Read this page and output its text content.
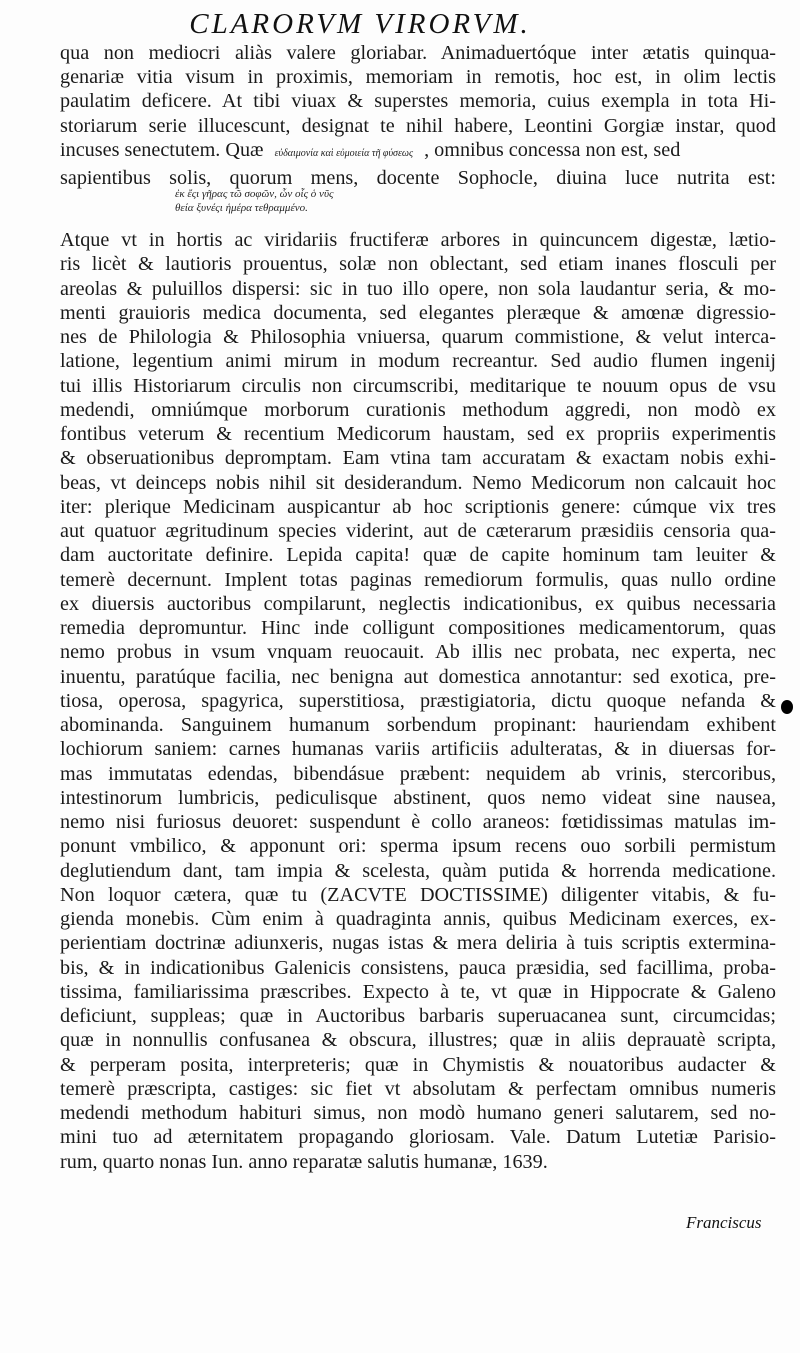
CLARORVM VIRORVM.
qua non mediocri aliàs valere gloriabar. Animaduertóque inter ætatis quinqua-
genariæ vitia visum in proximis, memoriam in remotis, hoc est, in olim lectis
paulatim deficere. At tibi viuax & superstes memoria, cuius exempla in tota Hi-
storiarum serie illucescunt, designat te nihil habere, Leontini Gorgiæ instar, quod
incuses senectutem. Quæ εὐδαιμονία καὶ εὐμοιεία τῆ φύσεως , omnibus concessa non est, sed
sapientibus solis, quorum mens, docente Sophocle, diuina luce nutrita est:
ἐκ ἔςι γῆρας τῶ σοφῶν, ὧν οἷς ὁ νῦς
θεία ξυνέςι ἡμέρα τεθραμμένο.
Atque vt in hortis ac viridariis fructiferæ arbores in quincuncem digestæ, lætio-
ris licèt & lautioris prouentus, solæ non oblectant, sed etiam inanes flosculi per
areolas & puluillos dispersi: sic in tuo illo opere, non sola laudantur seria, & mo-
menti grauioris medica documenta, sed elegantes pleræque & amœnæ digressio-
nes de Philologia & Philosophia vniuersa, quarum commistione, & velut interca-
latione, legentium animi mirum in modum recreantur. Sed audio flumen ingenij
tui illis Historiarum circulis non circumscribi, meditarique te nouum opus de vsu
medendi, omniúmque morborum curationis methodum aggredi, non modò ex
fontibus veterum & recentium Medicorum haustam, sed ex propriis experimentis
& obseruationibus depromptam. Eam vtina tam accuratam & exactam nobis exhi-
beas, vt deinceps nobis nihil sit desiderandum. Nemo Medicorum non calcauit hoc
iter: plerique Medicinam auspicantur ab hoc scriptionis genere: cúmque vix tres
aut quatuor ægritudinum species viderint, aut de cæterarum præsidiis censoria qua-
dam auctoritate definire. Lepida capita! quæ de capite hominum tam leuiter &
temerè decernunt. Implent totas paginas remediorum formulis, quas nullo ordine
ex diuersis auctoribus compilarunt, neglectis indicationibus, ex quibus necessaria
remedia depromuntur. Hinc inde colligunt compositiones medicamentorum, quas
nemo probus in vsum vnquam reuocauit. Ab illis nec probata, nec experta, nec
inuentu, paratúque facilia, nec benigna aut domestica annotantur: sed exotica, pre-
tiosa, operosa, spagyrica, superstitiosa, præstigiatoria, dictu quoque nefanda &
abominanda. Sanguinem humanum sorbendum propinant: hauriendam exhibent
lochiorum saniem: carnes humanas variis artificiis adulteratas, & in diuersas for-
mas immutatas edendas, bibendásue præbent: nequidem ab vrinis, stercoribus,
intestinorum lumbricis, pediculisque abstinent, quos nemo videat sine nausea,
nemo nisi furiosus deuoret: suspendunt è collo araneos: fœtidissimas matulas im-
ponunt vmbilico, & apponunt ori: sperma ipsum recens ouo sorbili permistum
deglutiendum dant, tam impia & scelesta, quàm putida & horrenda medicatione.
Non loquor cætera, quæ tu (ZACVTE DOCTISSIME) diligenter vitabis, & fu-
gienda monebis. Cùm enim à quadraginta annis, quibus Medicinam exerces, ex-
perientiam doctrinæ adiunxeris, nugas istas & mera deliria à tuis scriptis extermina-
bis, & in indicationibus Galenicis consistens, pauca præsidia, sed facillima, proba-
tissima, familiarissima præscribes. Expecto à te, vt quæ in Hippocrate & Galeno
deficiunt, suppleas; quæ in Auctoribus barbaris superuacanea sunt, circumcidas;
quæ in nonnullis confusanea & obscura, illustres; quæ in aliis deprauatè scripta,
& perperam posita, interpreteris; quæ in Chymistis & nouatoribus audacter &
temerè præscripta, castiges: sic fiet vt absolutam & perfectam omnibus numeris
medendi methodum habituri simus, non modò humano generi salutarem, sed no-
mini tuo ad æternitatem propagando gloriosam. Vale. Datum Lutetiæ Parisio-
rum, quarto nonas Iun. anno reparatæ salutis humanæ, 1639.
Franciscus
